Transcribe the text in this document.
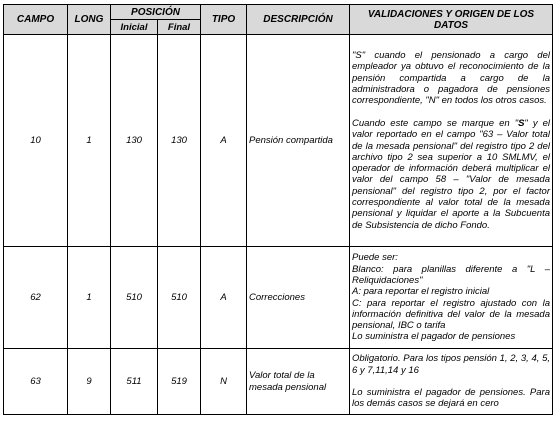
CAMPO	LONG	POSICIÓN		TIPO	DESCRIPCIÓN	VALIDACIONES Y ORIGEN DE LOS DATOS
		Inicial	Final			
10	1	130	130	A	Pensión compartida	"S" cuando el pensionado a cargo del empleador ya obtuvo el reconocimiento de la pensión compartida a cargo de la administradora o pagadora de pensiones correspondiente, "N" en todos los otros casos.
Cuando este campo se marque en "S" y el valor reportado en el campo "63 – Valor total de la mesada pensional" del registro tipo 2 del archivo tipo 2 sea superior a 10 SMLMV, el operador de información deberá multiplicar el valor del campo 58 – "Valor de mesada pensional" del registro tipo 2, por el factor correspondiente al valor total de la mesada pensional y liquidar el aporte a la Subcuenta de Subsistencia de dicho Fondo.

62	1	510	510	A	Correcciones	Puede ser:
Blanco: para planillas diferente a "L – Reliquidaciones"
A: para reportar el registro inicial
C: para reportar el registro ajustado con la información definitiva del valor de la mesada pensional, IBC o tarifa
Lo suministra el pagador de pensiones

63	9	511	519	N	Valor total de la mesada pensional	Obligatorio. Para los tipos pensión 1, 2, 3, 4, 5, 6 y 7,11,14 y 16
Lo suministra el pagador de pensiones. Para los demás casos se dejará en cero
